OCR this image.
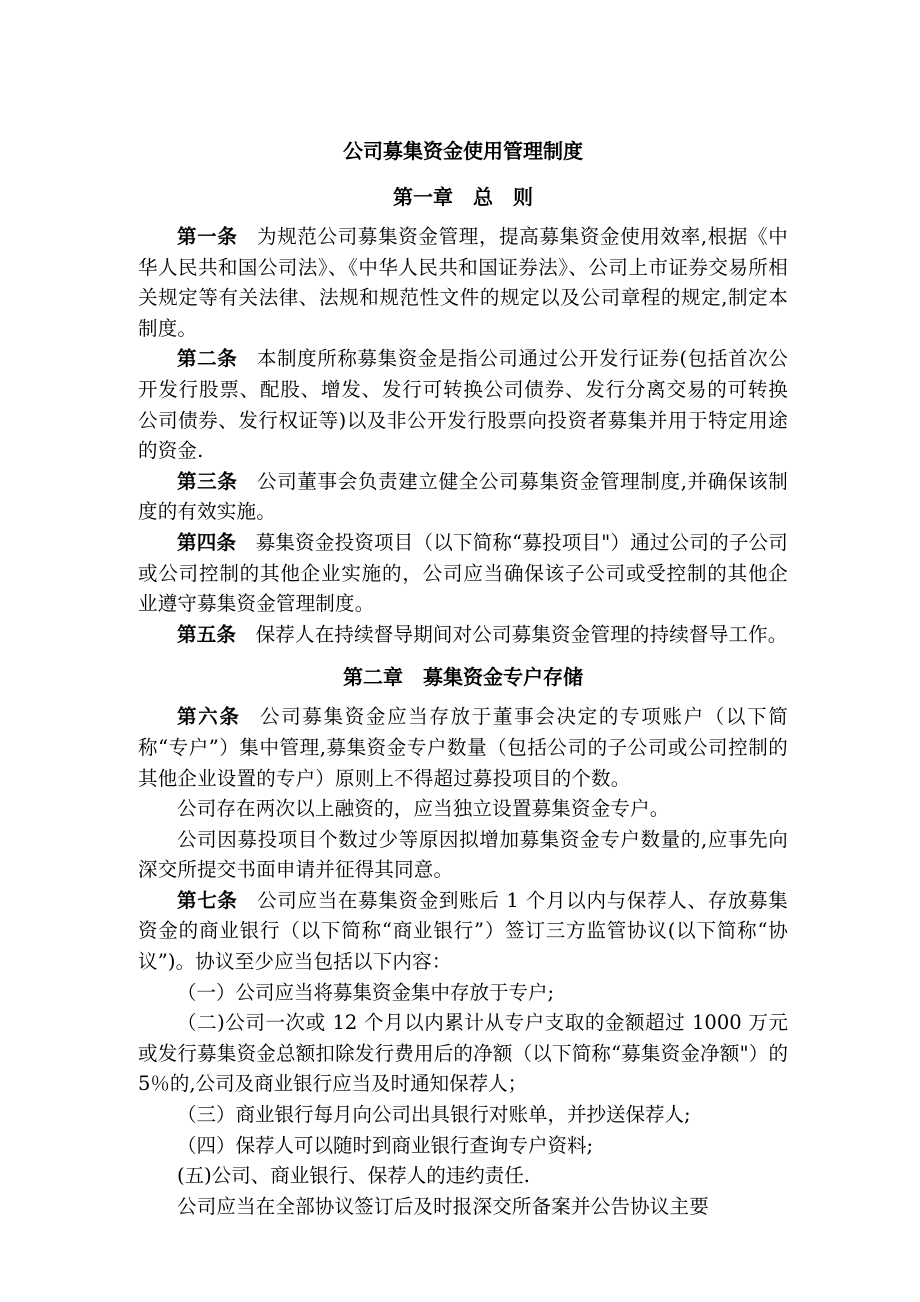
公司募集资金使用管理制度
第一章　总　则

第一条 为规范公司募集资金管理，提高募集资金使用效率,根据《中华人民共和国公司法》、《中华人民共和国证券法》、公司上市证券交易所相关规定等有关法律、法规和规范性文件的规定以及公司章程的规定,制定本制度。

第二条 本制度所称募集资金是指公司通过公开发行证券(包括首次公开发行股票、配股、增发、发行可转换公司债券、发行分离交易的可转换公司债券、发行权证等)以及非公开发行股票向投资者募集并用于特定用途的资金.

第三条 公司董事会负责建立健全公司募集资金管理制度,并确保该制度的有效实施。

第四条 募集资金投资项目（以下简称“募投项目"）通过公司的子公司或公司控制的其他企业实施的，公司应当确保该子公司或受控制的其他企业遵守募集资金管理制度。

第五条 保荐人在持续督导期间对公司募集资金管理的持续督导工作。

第二章　募集资金专户存储

第六条 公司募集资金应当存放于董事会决定的专项账户（以下简称“专户”）集中管理,募集资金专户数量（包括公司的子公司或公司控制的其他企业设置的专户）原则上不得超过募投项目的个数。

公司存在两次以上融资的，应当独立设置募集资金专户。

公司因募投项目个数过少等原因拟增加募集资金专户数量的,应事先向深交所提交书面申请并征得其同意。

第七条 公司应当在募集资金到账后 1 个月以内与保荐人、存放募集资金的商业银行（以下简称“商业银行”）签订三方监管协议(以下简称“协议”)。协议至少应当包括以下内容：

（一）公司应当将募集资金集中存放于专户;

（二)公司一次或 12 个月以内累计从专户支取的金额超过 1000 万元或发行募集资金总额扣除发行费用后的净额（以下简称“募集资金净额"）的 5％的,公司及商业银行应当及时通知保荐人；

（三）商业银行每月向公司出具银行对账单，并抄送保荐人;

（四）保荐人可以随时到商业银行查询专户资料;

(五)公司、商业银行、保荐人的违约责任.

公司应当在全部协议签订后及时报深交所备案并公告协议主要
